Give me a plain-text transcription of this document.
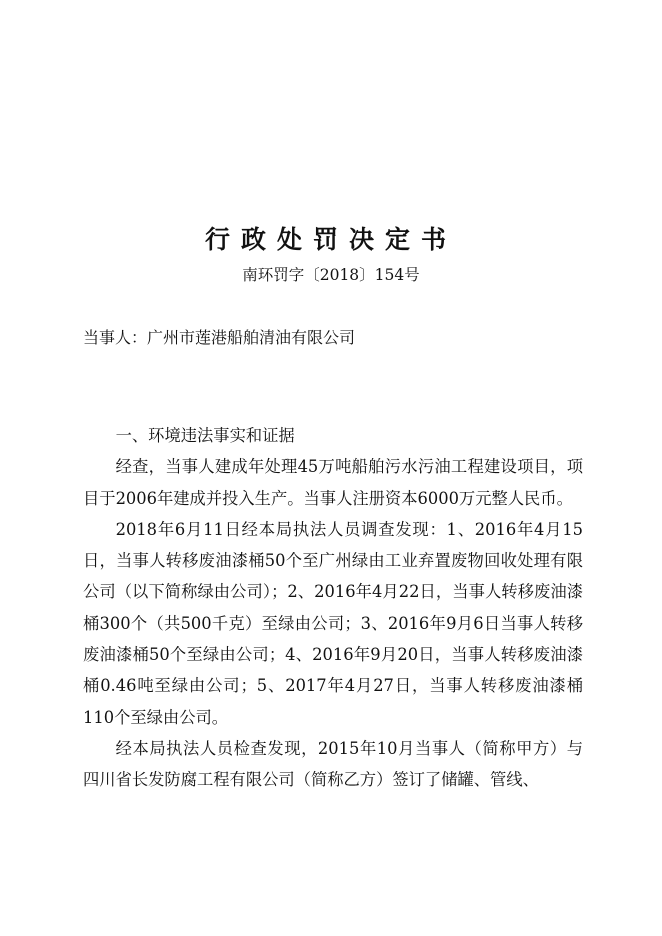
行政处罚决定书
南环罚字〔2018〕154号
当事人：广州市莲港船舶清油有限公司

一、环境违法事实和证据

经查，当事人建成年处理45万吨船舶污水污油工程建设项目，项目于2006年建成并投入生产。当事人注册资本6000万元整人民币。

2018年6月11日经本局执法人员调查发现：1、2016年4月15日，当事人转移废油漆桶50个至广州绿由工业弃置废物回收处理有限公司（以下简称绿由公司）；2、2016年4月22日，当事人转移废油漆桶300个（共500千克）至绿由公司；3、2016年9月6日当事人转移废油漆桶50个至绿由公司；4、2016年9月20日，当事人转移废油漆桶0.46吨至绿由公司；5、2017年4月27日，当事人转移废油漆桶110个至绿由公司。

经本局执法人员检查发现，2015年10月当事人（简称甲方）与四川省长发防腐工程有限公司（简称乙方）签订了储罐、管线、
